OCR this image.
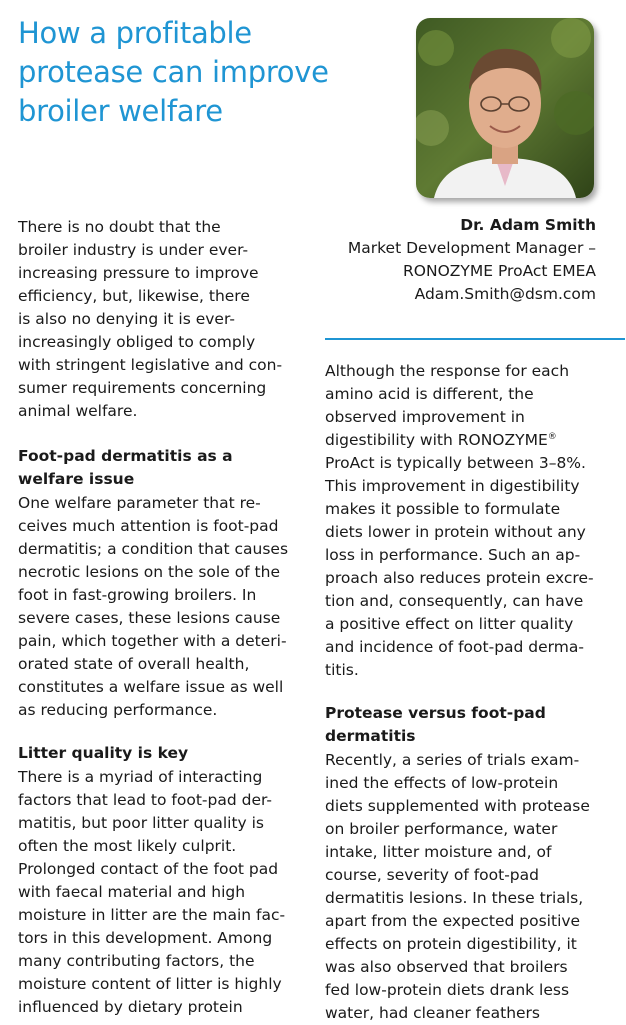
How a profitable
protease can improve
broiler welfare
Dr. Adam Smith
Market Development Manager –
RONOZYME ProAct EMEA
Adam.Smith@dsm.com

There is no doubt that the
broiler industry is under ever-
increasing pressure to improve
efficiency, but, likewise, there
is also no denying it is ever-
increasingly obliged to comply
with stringent legislative and con-
sumer requirements concerning
animal welfare.

Foot-pad dermatitis as a
welfare issue

One welfare parameter that re-
ceives much attention is foot-pad
dermatitis; a condition that causes
necrotic lesions on the sole of the
foot in fast-growing broilers. In
severe cases, these lesions cause
pain, which together with a deteri-
orated state of overall health,
constitutes a welfare issue as well
as reducing performance.

Litter quality is key

There is a myriad of interacting
factors that lead to foot-pad der-
matitis, but poor litter quality is
often the most likely culprit.
Prolonged contact of the foot pad
with faecal material and high
moisture in litter are the main fac-
tors in this development. Among
many contributing factors, the
moisture content of litter is highly
influenced by dietary protein

Although the response for each
amino acid is different, the
observed improvement in
digestibility with RONOZYME®
ProAct is typically between 3–8%.
This improvement in digestibility
makes it possible to formulate
diets lower in protein without any
loss in performance. Such an ap-
proach also reduces protein excre-
tion and, consequently, can have
a positive effect on litter quality
and incidence of foot-pad derma-
titis.

Protease versus foot-pad
dermatitis

Recently, a series of trials exam-
ined the effects of low-protein
diets supplemented with protease
on broiler performance, water
intake, litter moisture and, of
course, severity of foot-pad
dermatitis lesions. In these trials,
apart from the expected positive
effects on protein digestibility, it
was also observed that broilers
fed low-protein diets drank less
water, had cleaner feathers
